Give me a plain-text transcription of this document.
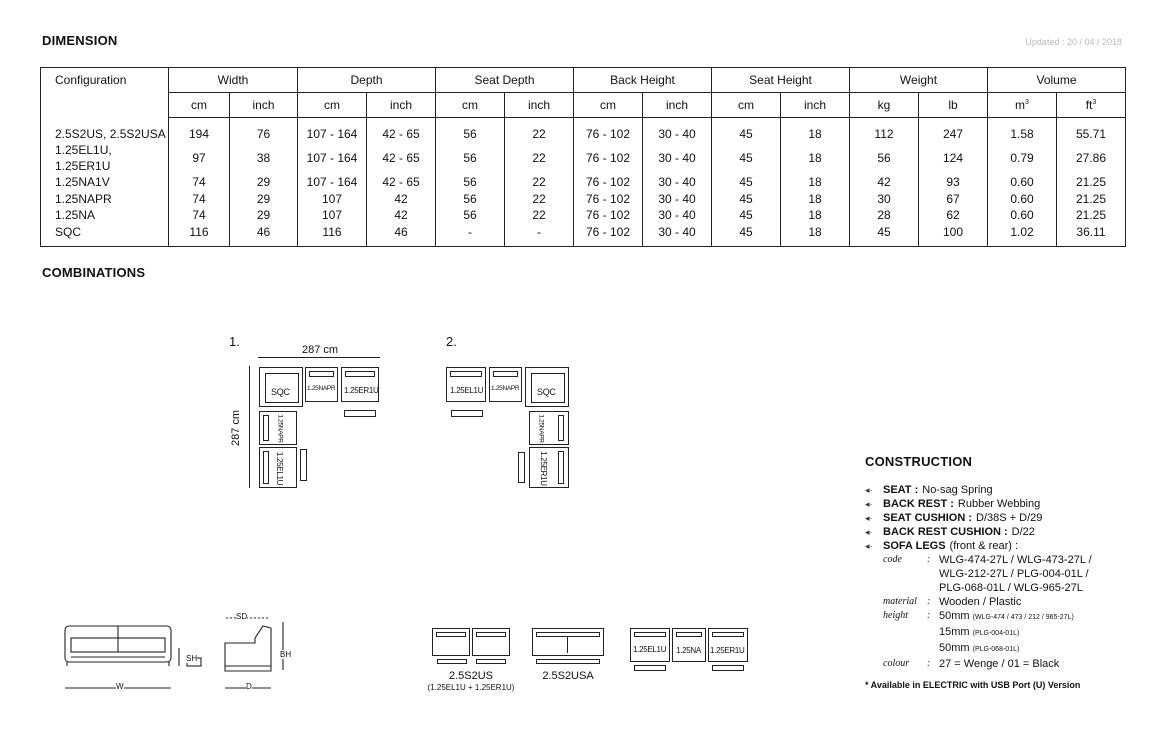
DIMENSION	Updated : 20 / 04 / 2018
Configuration	Width		Depth		Seat Depth		Back Height		Seat Height		Weight		Volume	
	cm	inch	cm	inch	cm	inch	cm	inch	cm	inch	kg	lb	$m^3$	$ft^3$
2.5S2US, 2.5S2USA	194	76	107 - 164	42 - 65	56	22	76 - 102	30 - 40	45	18	112	247	1.58	55.71
1.25EL1U, 1.25ER1U	97	38	107 - 164	42 - 65	56	22	76 - 102	30 - 40	45	18	56	124	0.79	27.86
1.25NA1V	74	29	107 - 164	42 - 65	56	22	76 - 102	30 - 40	45	18	42	93	0.60	21.25
1.25NAPR	74	29	107	42	56	22	76 - 102	30 - 40	45	18	30	67	0.60	21.25
1.25NA	74	29	107	42	56	22	76 - 102	30 - 40	45	18	28	62	0.60	21.25
SQC	116	46	116	46	-	-	76 - 102	30 - 40	45	18	45	100	1.02	36.11
COMBINATIONS
1.
287 cm
287 cm
SQC	1.25NAPR 1.25ER1U
1.25NAPR
1.25EL1U
2.
1.25EL1U 1.25NAPR SQC
1.25NAPR
1.25ER1U
SD
SH	BH
W	D
2.5S2US
(1.25EL1U + 1.25ER1U)
2.5S2USA
1.25EL1U 1.25NA 1.25ER1U
CONSTRUCTION
◂· SEAT : No-sag Spring
◂· BACK REST : Rubber Webbing
◂· SEAT CUSHION : D/38S + D/29
◂· BACK REST CUSHION : D/22
◂· SOFA LEGS (front & rear) :
code	: WLG-474-27L / WLG-473-27L / WLG-212-27L / PLG-004-01L / PLG-068-01L / WLG-965-27L
material	: Wooden / Plastic
height	: 50mm (WLG-474 / 473 / 212 / 965-27L)
15mm (PLG-004-01L)
50mm (PLG-068-01L)
colour	: 27 = Wenge / 01 = Black
* Available in ELECTRIC with USB Port (U) Version
